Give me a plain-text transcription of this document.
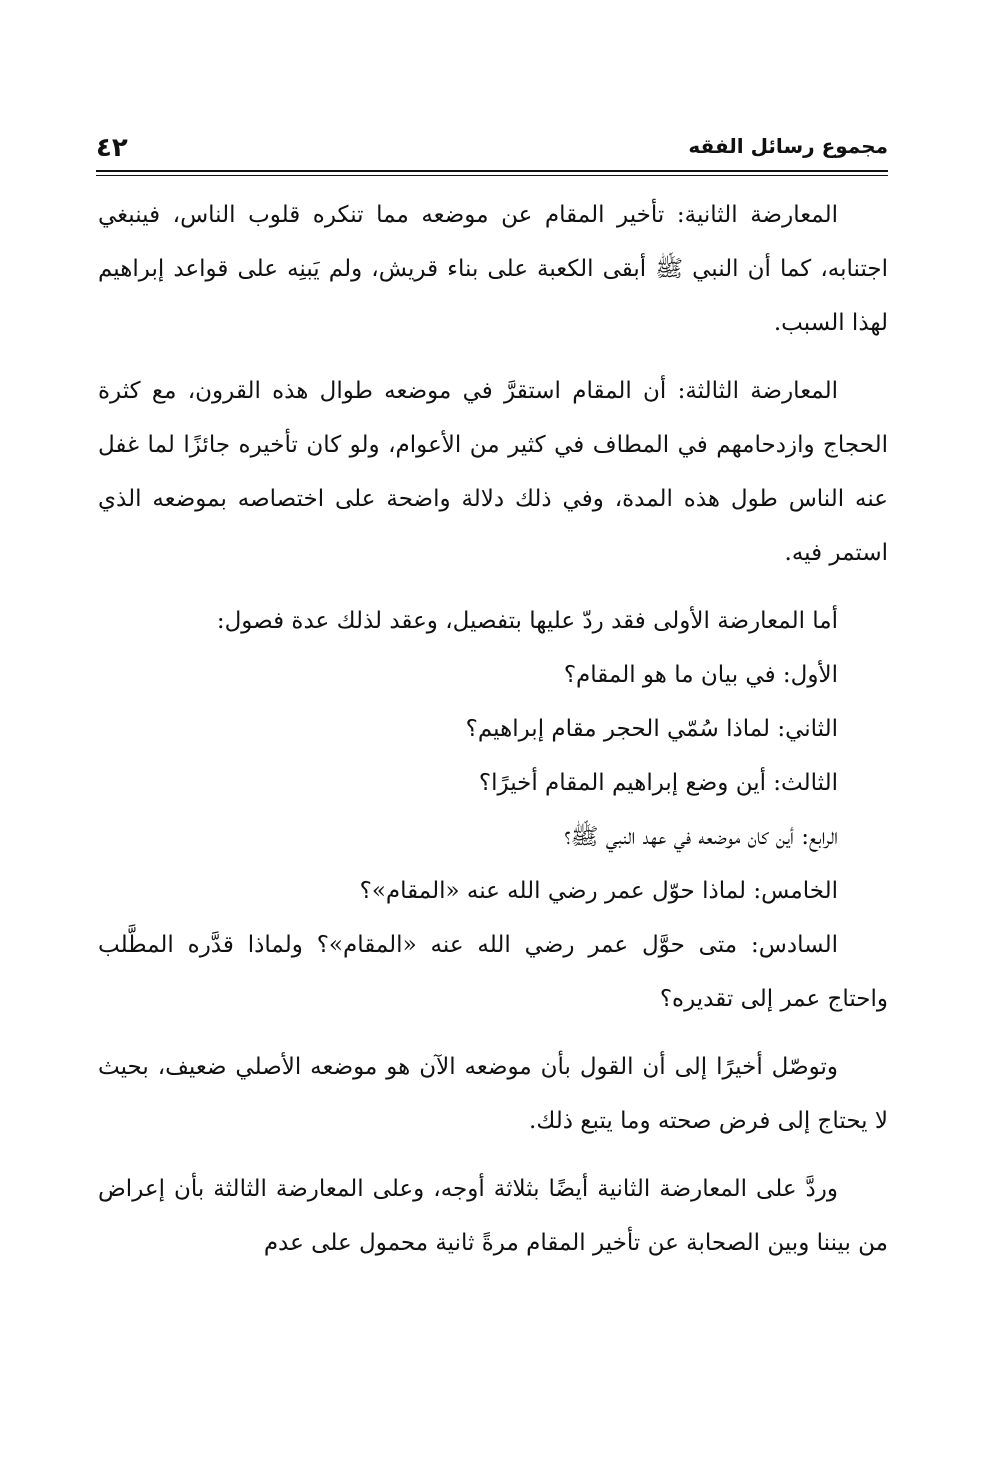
٤٢	مجموع رسائل الفقه

المعارضة الثانية: تأخير المقام عن موضعه مما تنكره قلوب الناس، فينبغي اجتنابه، كما أن النبي ﷺ أبقى الكعبة على بناء قريش، ولم يَبنِه على قواعد إبراهيم لهذا السبب.

المعارضة الثالثة: أن المقام استقرَّ في موضعه طوال هذه القرون، مع كثرة الحجاج وازدحامهم في المطاف في كثير من الأعوام، ولو كان تأخيره جائزًا لما غفل عنه الناس طول هذه المدة، وفي ذلك دلالة واضحة على اختصاصه بموضعه الذي استمر فيه.

أما المعارضة الأولى فقد ردّ عليها بتفصيل، وعقد لذلك عدة فصول:

الأول: في بيان ما هو المقام؟

الثاني: لماذا سُمّي الحجر مقام إبراهيم؟

الثالث: أين وضع إبراهيم المقام أخيرًا؟

الرابع: أين كان موضعه في عهد النبي ﷺ؟

الخامس: لماذا حوّل عمر رضي الله عنه «المقام»؟

السادس: متى حوَّل عمر رضي الله عنه «المقام»؟ ولماذا قدَّره المطَّلب واحتاج عمر إلى تقديره؟

وتوصّل أخيرًا إلى أن القول بأن موضعه الآن هو موضعه الأصلي ضعيف، بحيث لا يحتاج إلى فرض صحته وما يتبع ذلك.

وردَّ على المعارضة الثانية أيضًا بثلاثة أوجه، وعلى المعارضة الثالثة بأن إعراض من بيننا وبين الصحابة عن تأخير المقام مرةً ثانية محمول على عدم
